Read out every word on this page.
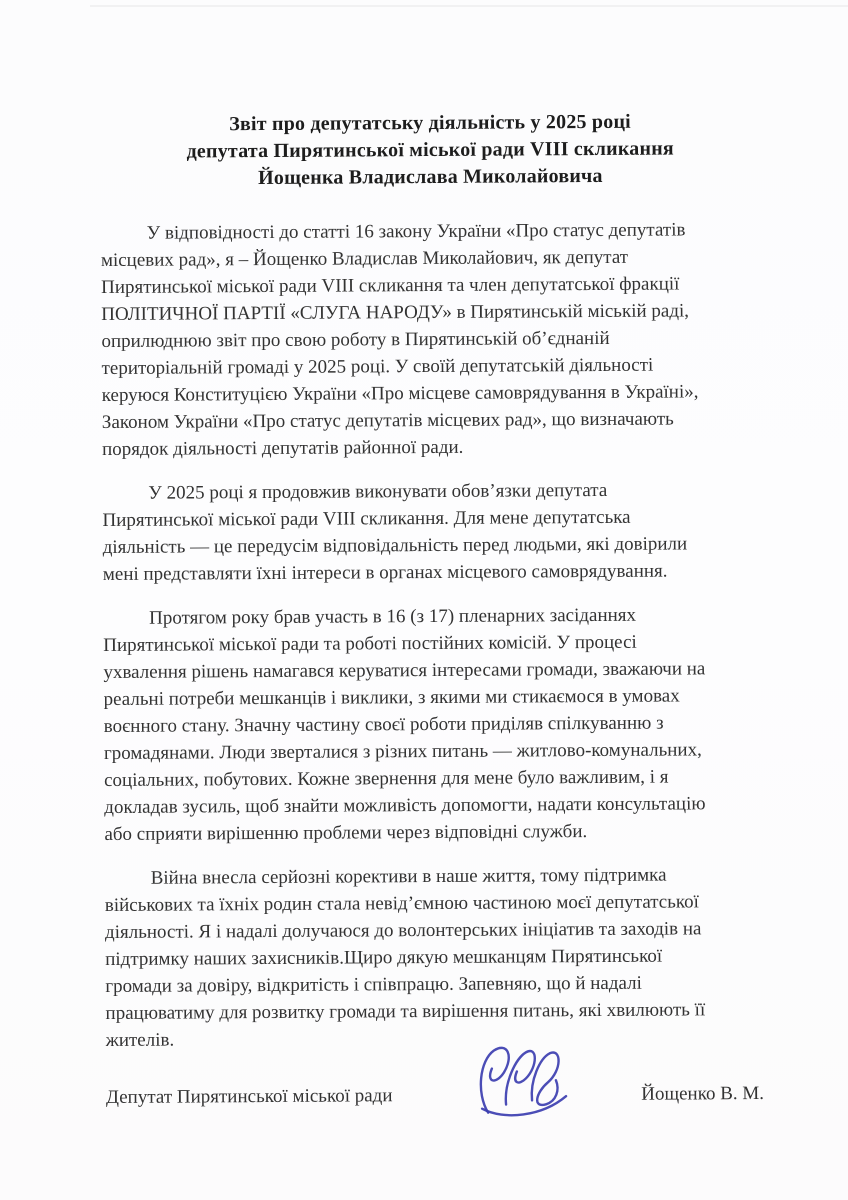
Звіт про депутатську діяльність у 2025 році
депутата Пирятинської міської ради VIII скликання
Йощенка Владислава Миколайовича

У відповідності до статті 16 закону України «Про статус депутатів
місцевих рад», я – Йощенко Владислав Миколайович, як депутат
Пирятинської міської ради VIII скликання та член депутатської фракції
ПОЛІТИЧНОЇ ПАРТІЇ «СЛУГА НАРОДУ» в Пирятинській міській раді,
оприлюднюю звіт про свою роботу в Пирятинській об’єднаній
територіальній громаді у 2025 році. У своїй депутатській діяльності
керуюся Конституцією України «Про місцеве самоврядування в Україні»,
Законом України «Про статус депутатів місцевих рад», що визначають
порядок діяльності депутатів районної ради.

У 2025 році я продовжив виконувати обов’язки депутата
Пирятинської міської ради VIII скликання. Для мене депутатська
діяльність — це передусім відповідальність перед людьми, які довірили
мені представляти їхні інтереси в органах місцевого самоврядування.

Протягом року брав участь в 16 (з 17) пленарних засіданнях
Пирятинської міської ради та роботі постійних комісій. У процесі
ухвалення рішень намагався керуватися інтересами громади, зважаючи на
реальні потреби мешканців і виклики, з якими ми стикаємося в умовах
воєнного стану. Значну частину своєї роботи приділяв спілкуванню з
громадянами. Люди зверталися з різних питань — житлово-комунальних,
соціальних, побутових. Кожне звернення для мене було важливим, і я
докладав зусиль, щоб знайти можливість допомогти, надати консультацію
або сприяти вирішенню проблеми через відповідні служби.

Війна внесла серйозні корективи в наше життя, тому підтримка
військових та їхніх родин стала невід’ємною частиною моєї депутатської
діяльності. Я і надалі долучаюся до волонтерських ініціатив та заходів на
підтримку наших захисників.Щиро дякую мешканцям Пирятинської
громади за довіру, відкритість і співпрацю. Запевняю, що й надалі
працюватиму для розвитку громади та вирішення питань, які хвилюють її
жителів.

Депутат Пирятинської міської ради	Йощенко В. М.
